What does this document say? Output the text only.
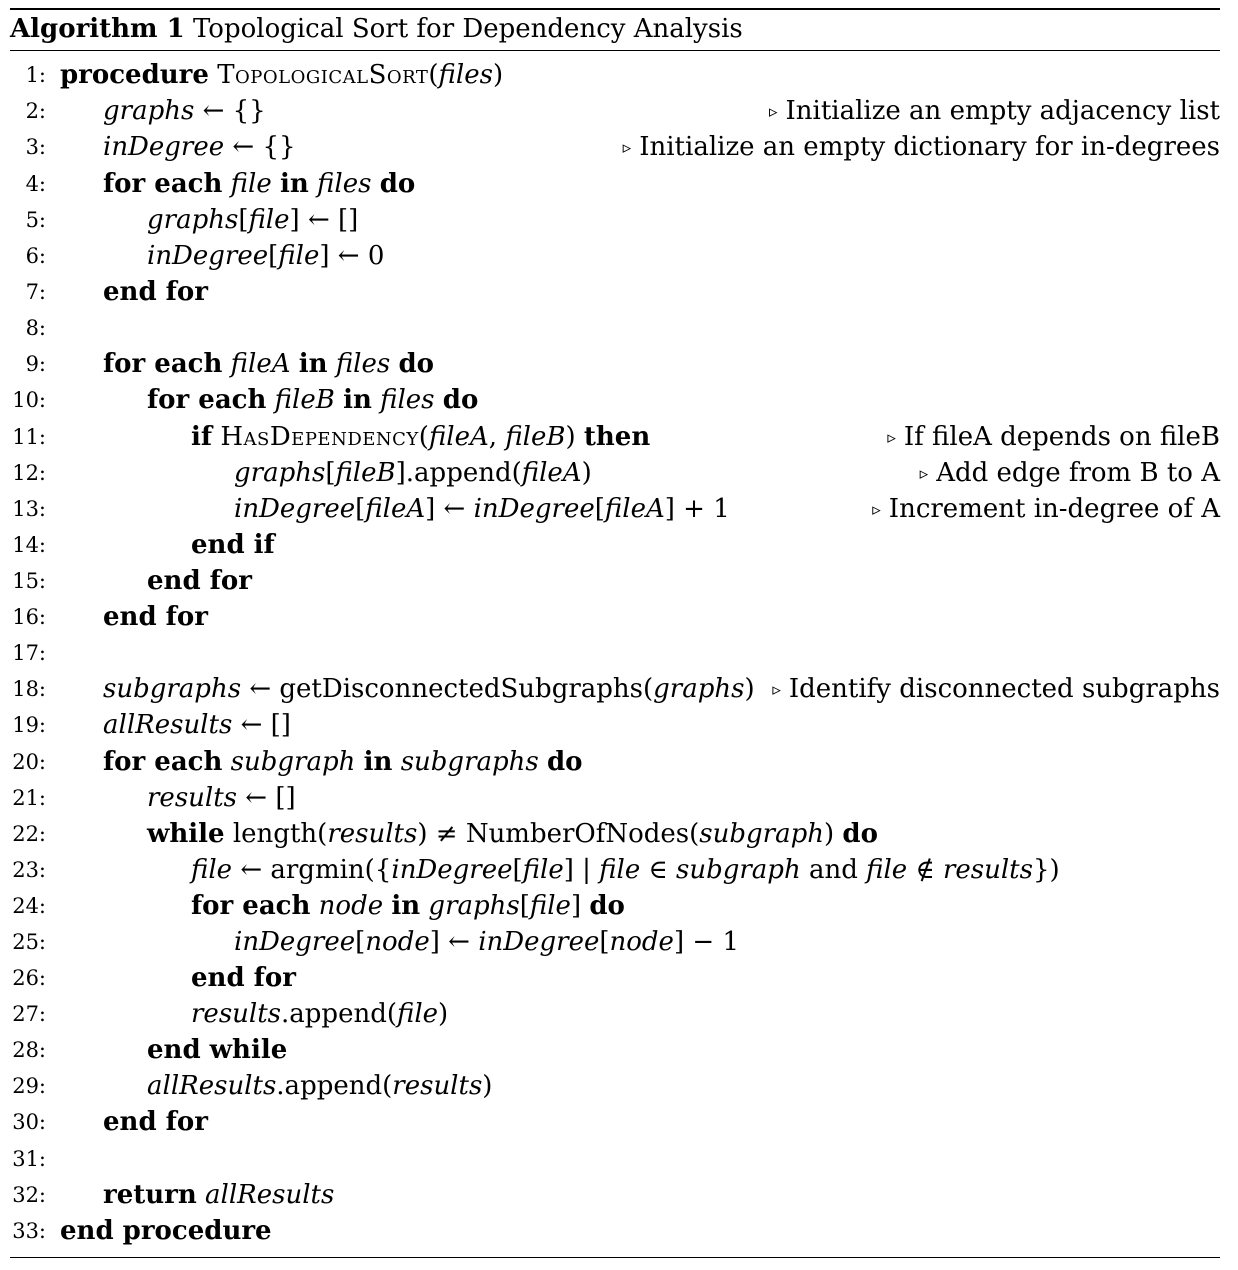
Algorithm 1 Topological Sort for Dependency Analysis
1: procedure TopologicalSort(files)
2: graphs ← {}	▹ Initialize an empty adjacency list
3: inDegree ← {}	▹ Initialize an empty dictionary for in-degrees
4: for each file in files do
5:	graphs[file] ← []
6:	inDegree[file] ← 0
7: end for
8:
9: for each fileA in files do
10:	for each fileB in files do
11:	if HasDependency(fileA, fileB) then	▹ If fileA depends on fileB
12:	graphs[fileB].append(fileA)	▹ Add edge from B to A
13:	inDegree[fileA] ← inDegree[fileA] + 1	▹ Increment in-degree of A
14:	end if
15:	end for
16: end for
17:
18: subgraphs ← getDisconnectedSubgraphs(graphs) ▹ Identify disconnected subgraphs
19: allResults ← []
20: for each subgraph in subgraphs do
21:	results ← []
22:	while length(results) ≠ NumberOfNodes(subgraph) do
23:	file ← argmin({inDegree[file] | file ∈ subgraph and file ∉ results})
24:	for each node in graphs[file] do
25:	inDegree[node] ← inDegree[node] − 1
26:	end for
27:	results.append(file)
28:	end while
29:	allResults.append(results)
30: end for
31:
32: return allResults
33: end procedure
